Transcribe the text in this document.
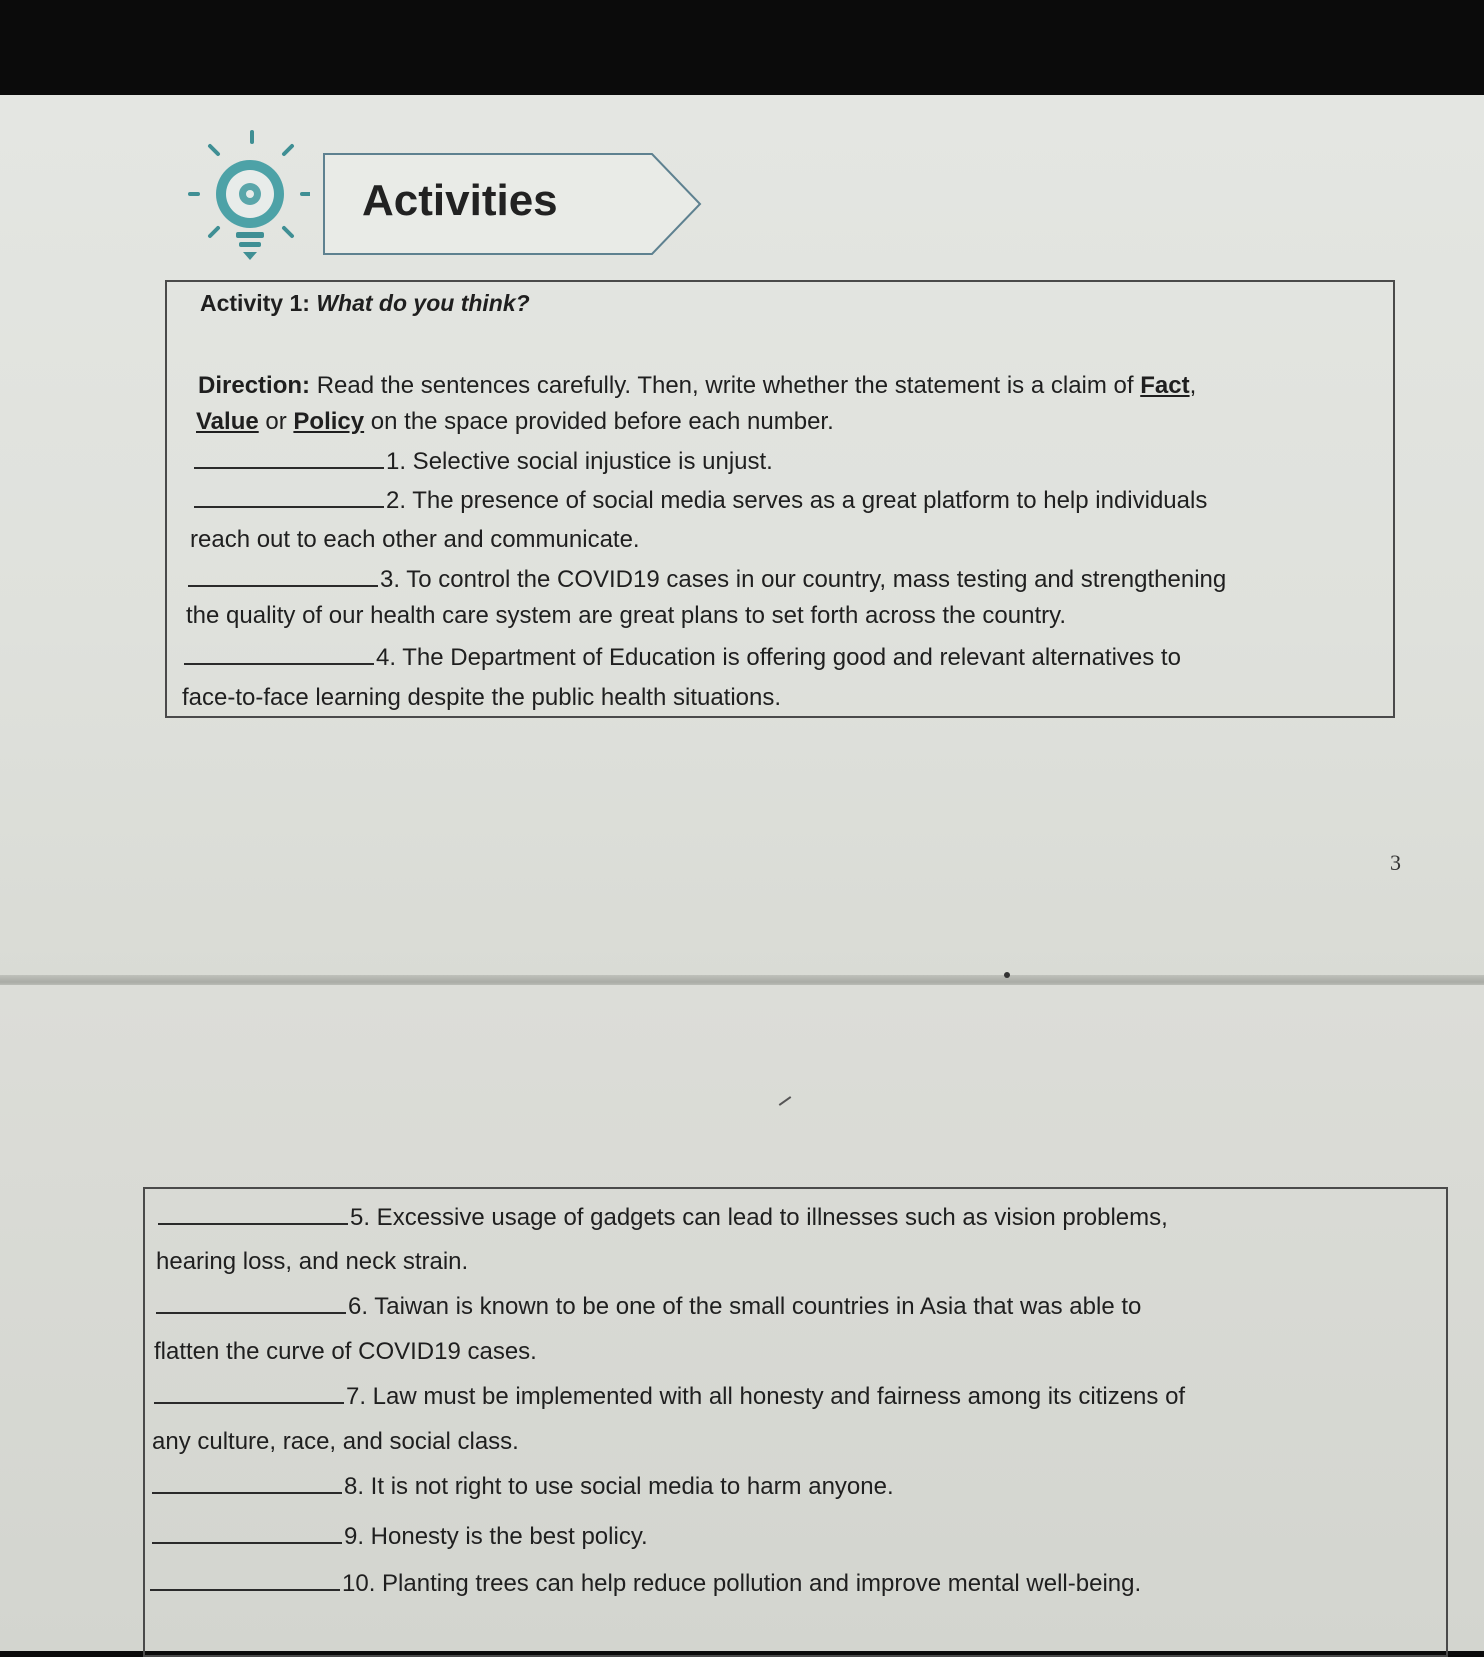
Activities
Activity 1: What do you think?
Direction: Read the sentences carefully. Then, write whether the statement is a claim of Fact,
Value or Policy on the space provided before each number.
1. Selective social injustice is unjust.
2. The presence of social media serves as a great platform to help individuals
reach out to each other and communicate.
3. To control the COVID19 cases in our country, mass testing and strengthening
the quality of our health care system are great plans to set forth across the country.
4. The Department of Education is offering good and relevant alternatives to
face-to-face learning despite the public health situations.
3
5. Excessive usage of gadgets can lead to illnesses such as vision problems,
hearing loss, and neck strain.
6. Taiwan is known to be one of the small countries in Asia that was able to
flatten the curve of COVID19 cases.
7. Law must be implemented with all honesty and fairness among its citizens of
any culture, race, and social class.
8. It is not right to use social media to harm anyone.
9. Honesty is the best policy.
10. Planting trees can help reduce pollution and improve mental well-being.
